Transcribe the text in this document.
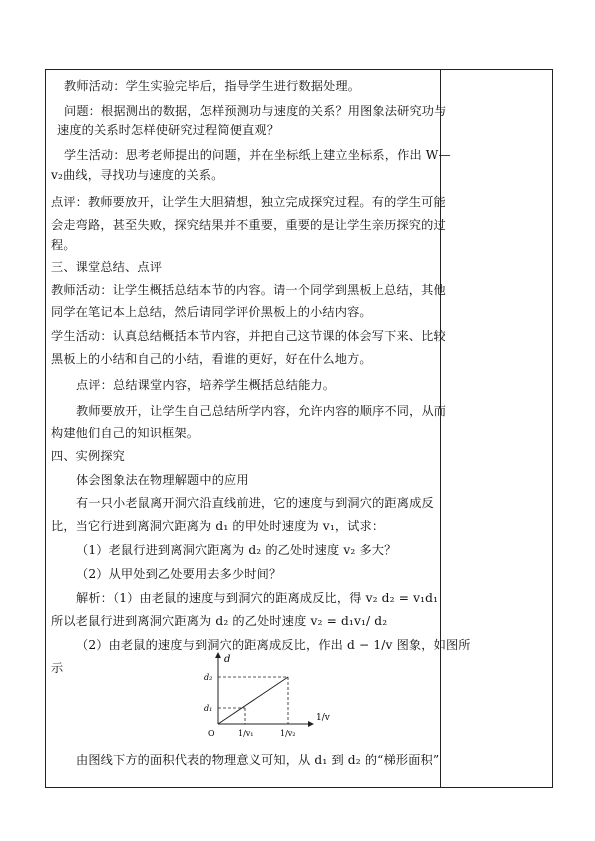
教师活动：学生实验完毕后，指导学生进行数据处理。
问题：根据测出的数据，怎样预测功与速度的关系？用图象法研究功与
速度的关系时怎样使研究过程简便直观？
学生活动：思考老师提出的问题，并在坐标纸上建立坐标系，作出 W—
v₂曲线，寻找功与速度的关系。
点评：教师要放开，让学生大胆猜想，独立完成探究过程。有的学生可能
会走弯路，甚至失败，探究结果并不重要，重要的是让学生亲历探究的过
程。
三、课堂总结、点评
教师活动：让学生概括总结本节的内容。请一个同学到黑板上总结，其他
同学在笔记本上总结，然后请同学评价黑板上的小结内容。
学生活动：认真总结概括本节内容，并把自己这节课的体会写下来、比较
黑板上的小结和自己的小结，看谁的更好，好在什么地方。
点评：总结课堂内容，培养学生概括总结能力。
教师要放开，让学生自己总结所学内容，允许内容的顺序不同，从而
构建他们自己的知识框架。
四、实例探究
体会图象法在物理解题中的应用
有一只小老鼠离开洞穴沿直线前进，它的速度与到洞穴的距离成反
比，当它行进到离洞穴距离为 d₁ 的甲处时速度为 v₁，试求：
（1）老鼠行进到离洞穴距离为 d₂ 的乙处时速度 v₂ 多大？
（2）从甲处到乙处要用去多少时间？
解析：（1）由老鼠的速度与到洞穴的距离成反比，得 v₂ d₂ = v₁d₁
所以老鼠行进到离洞穴距离为 d₂ 的乙处时速度 v₂ = d₁v₁/ d₂
（2）由老鼠的速度与到洞穴的距离成反比，作出 d − 1/v 图象，如图所
示
由图线下方的面积代表的物理意义可知，从 d₁ 到 d₂ 的“梯形面积”
d
1/v
d₂
d₁
O	1/v₁	1/v₂
